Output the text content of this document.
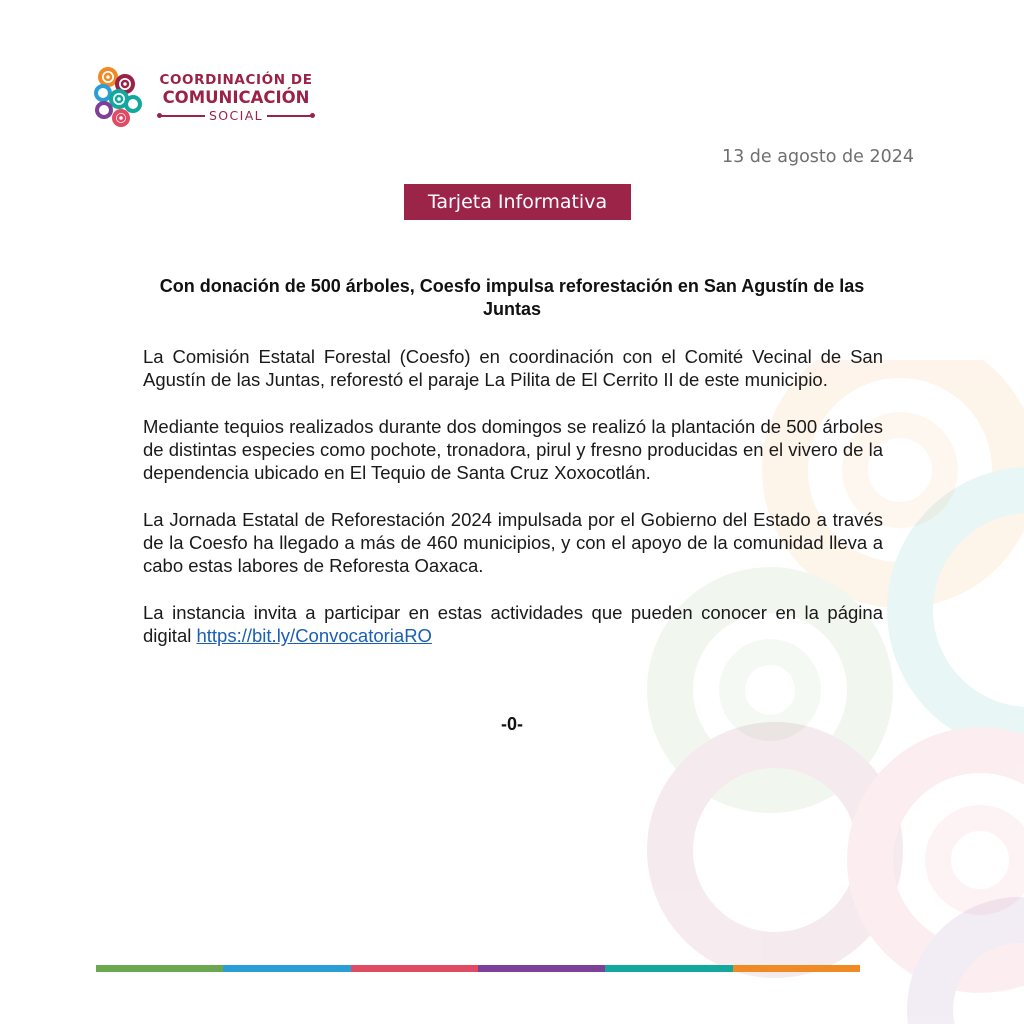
COORDINACIÓN DE
COMUNICACIÓN
SOCIAL
13 de agosto de 2024
Tarjeta Informativa
Con donación de 500 árboles, Coesfo impulsa reforestación en San Agustín de las Juntas

La Comisión Estatal Forestal (Coesfo) en coordinación con el Comité Vecinal de San Agustín de las Juntas, reforestó el paraje La Pilita de El Cerrito II de este municipio.

Mediante tequios realizados durante dos domingos se realizó la plantación de 500 árboles de distintas especies como pochote, tronadora, pirul y fresno producidas en el vivero de la dependencia ubicado en El Tequio de Santa Cruz Xoxocotlán.

La Jornada Estatal de Reforestación 2024 impulsada por el Gobierno del Estado a través de la Coesfo ha llegado a más de 460 municipios, y con el apoyo de la comunidad lleva a cabo estas labores de Reforesta Oaxaca.

La instancia invita a participar en estas actividades que pueden conocer en la página digital https://bit.ly/ConvocatoriaRO

-0-
